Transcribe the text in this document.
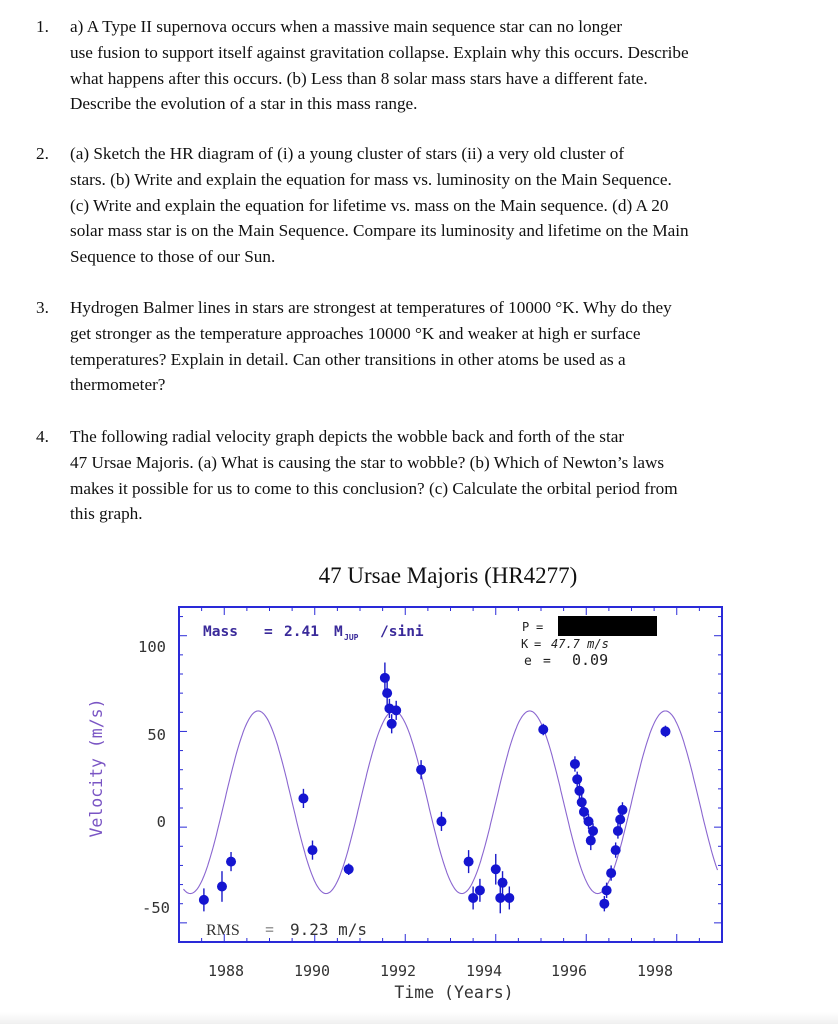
1.	a) A Type II supernova occurs when a massive main sequence star can no longer
use fusion to support itself against gravitation collapse. Explain why this occurs. Describe
what happens after this occurs. (b) Less than 8 solar mass stars have a different fate.
Describe the evolution of a star in this mass range.
2.	(a) Sketch the HR diagram of (i) a young cluster of stars (ii) a very old cluster of
stars. (b) Write and explain the equation for mass vs. luminosity on the Main Sequence.
(c) Write and explain the equation for lifetime vs. mass on the Main sequence. (d) A 20
solar mass star is on the Main Sequence. Compare its luminosity and lifetime on the Main
Sequence to those of our Sun.
3.	Hydrogen Balmer lines in stars are strongest at temperatures of 10000 °K. Why do they
get stronger as the temperature approaches 10000 °K and weaker at high er surface
temperatures? Explain in detail. Can other transitions in other atoms be used as a
thermometer?
4.	The following radial velocity graph depicts the wobble back and forth of the star
47 Ursae Majoris. (a) What is causing the star to wobble? (b) Which of Newton’s laws
makes it possible for us to come to this conclusion? (c) Calculate the orbital period from
this graph.
47 Ursae Majoris (HR4277)
100
50
0
-50
1988	1990	1992	1994	1996	1998
Time (Years)
Velocity (m/s)
Mass = 2.41 M JUP /sini	P =
K = 47.7 m/s
e = 0.09
RMS = 9.23 m/s
